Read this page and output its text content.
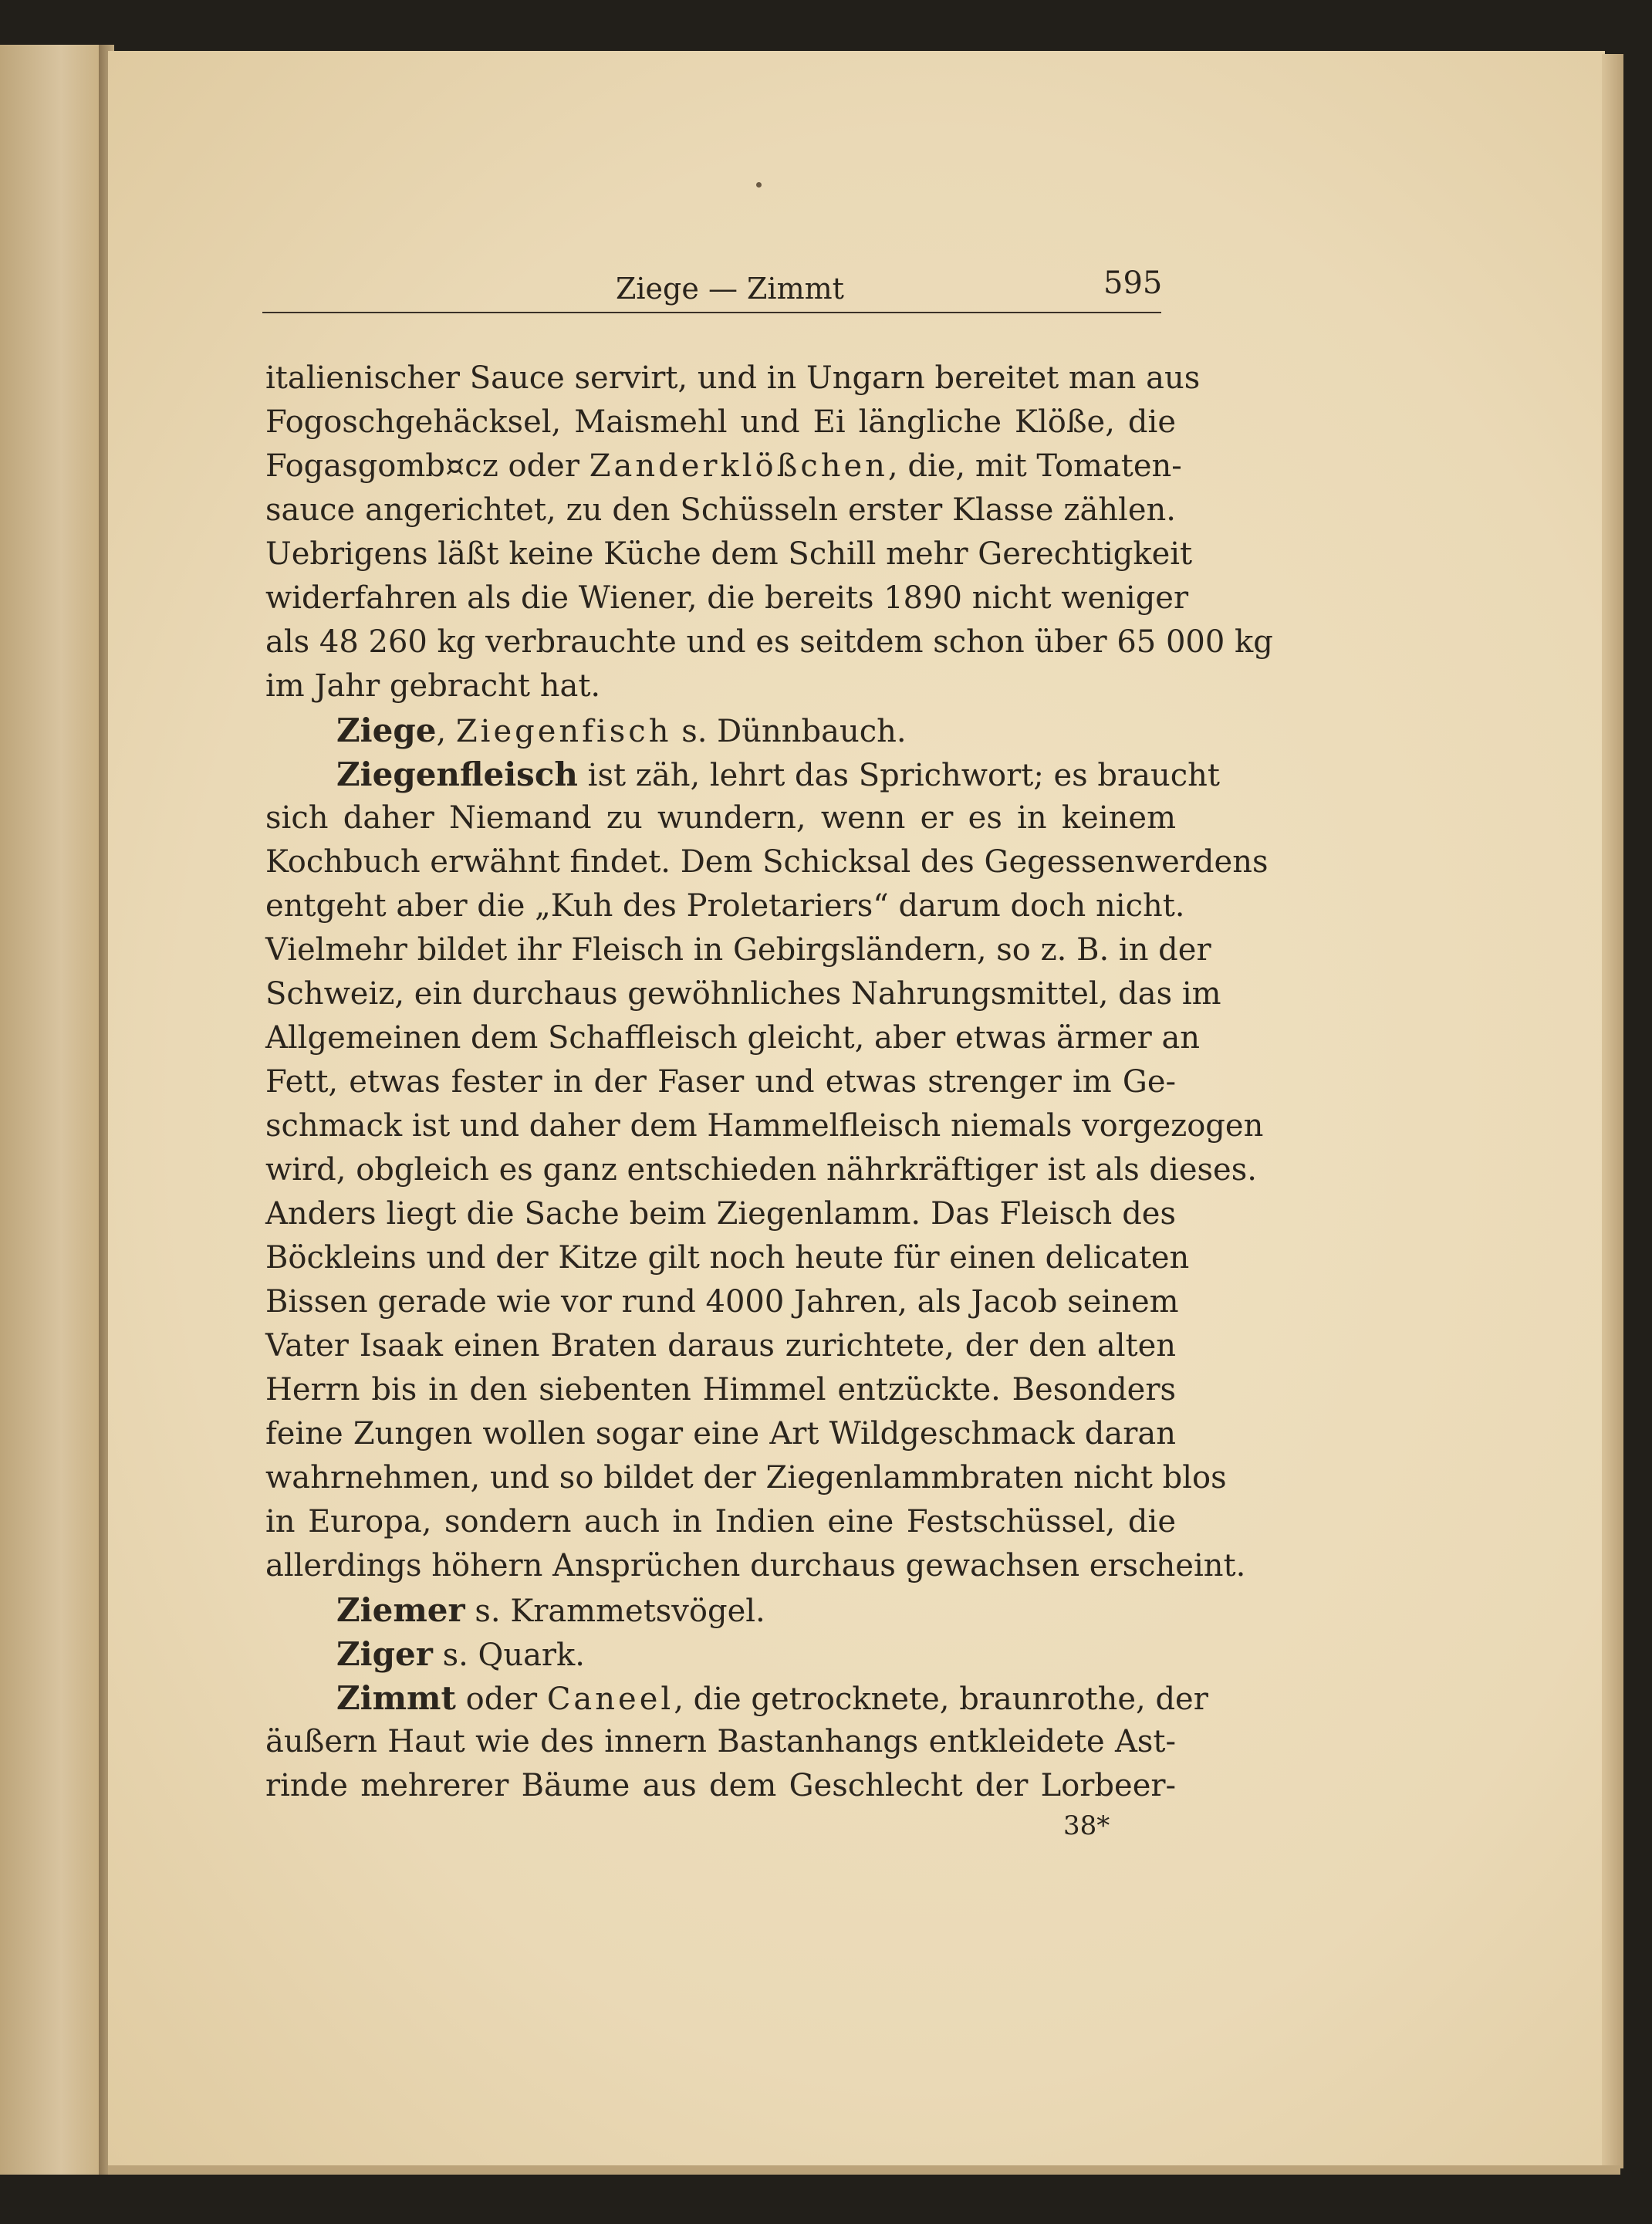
Ziege — Zimmt	595
italienischer Sauce servirt, und in Ungarn bereitet man aus
Fogoschgehäcksel, Maismehl und Ei längliche Klöße, die
Fogasgomb¤cz oder Zanderklößchen, die, mit Tomaten-
sauce angerichtet, zu den Schüsseln erster Klasse zählen.
Uebrigens läßt keine Küche dem Schill mehr Gerechtigkeit
widerfahren als die Wiener, die bereits 1890 nicht weniger
als 48 260 kg verbrauchte und es seitdem schon über 65 000 kg
im Jahr gebracht hat.
Ziege, Ziegenfisch s. Dünnbauch.
Ziegenfleisch ist zäh, lehrt das Sprichwort; es braucht
sich daher Niemand zu wundern, wenn er es in keinem
Kochbuch erwähnt findet. Dem Schicksal des Gegessenwerdens
entgeht aber die „Kuh des Proletariers“ darum doch nicht.
Vielmehr bildet ihr Fleisch in Gebirgsländern, so z. B. in der
Schweiz, ein durchaus gewöhnliches Nahrungsmittel, das im
Allgemeinen dem Schaffleisch gleicht, aber etwas ärmer an
Fett, etwas fester in der Faser und etwas strenger im Ge-
schmack ist und daher dem Hammelfleisch niemals vorgezogen
wird, obgleich es ganz entschieden nährkräftiger ist als dieses.
Anders liegt die Sache beim Ziegenlamm. Das Fleisch des
Böckleins und der Kitze gilt noch heute für einen delicaten
Bissen gerade wie vor rund 4000 Jahren, als Jacob seinem
Vater Isaak einen Braten daraus zurichtete, der den alten
Herrn bis in den siebenten Himmel entzückte. Besonders
feine Zungen wollen sogar eine Art Wildgeschmack daran
wahrnehmen, und so bildet der Ziegenlammbraten nicht blos
in Europa, sondern auch in Indien eine Festschüssel, die
allerdings höhern Ansprüchen durchaus gewachsen erscheint.
Ziemer s. Krammetsvögel.
Ziger s. Quark.
Zimmt oder Caneel, die getrocknete, braunrothe, der
äußern Haut wie des innern Bastanhangs entkleidete Ast-
rinde mehrerer Bäume aus dem Geschlecht der Lorbeer-
38*
